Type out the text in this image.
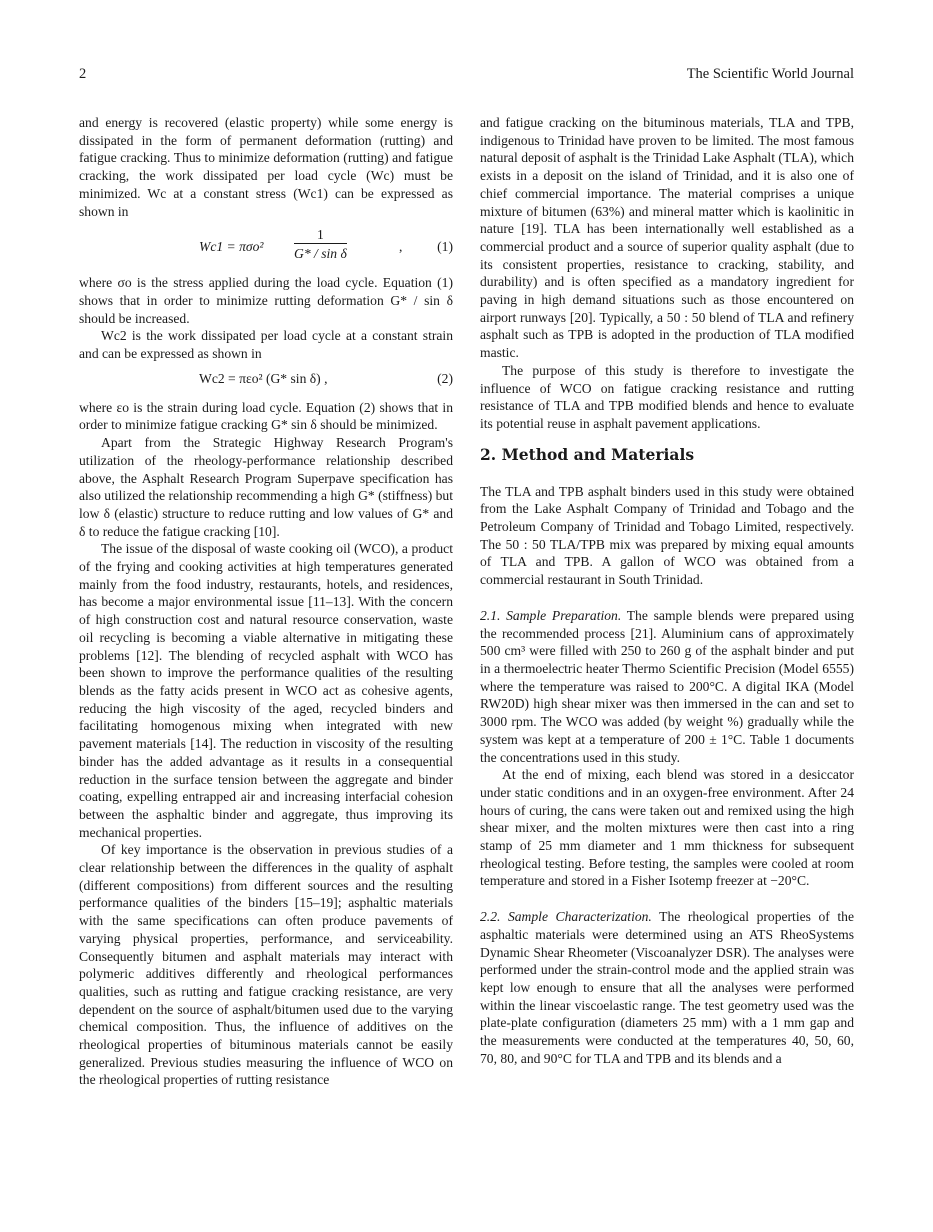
2	The Scientific World Journal

and energy is recovered (elastic property) while some energy is dissipated in the form of permanent deformation (rutting) and fatigue cracking. Thus to minimize deformation (rutting) and fatigue cracking, the work dissipated per load cycle (Wc) must be minimized. Wc at a constant stress (Wc1) can be expressed as shown in

$Wc1 = \pi\sigma o^2 \frac{1}{\text{G* / sin δ}}$	,	(1)

where σo is the stress applied during the load cycle. Equation (1) shows that in order to minimize rutting deformation G* / sin δ should be increased.

Wc2 is the work dissipated per load cycle at a constant strain and can be expressed as shown in

Wc2 = πεo² (G* sin δ) ,	(2)

where εo is the strain during load cycle. Equation (2) shows that in order to minimize fatigue cracking G* sin δ should be minimized.

Apart from the Strategic Highway Research Program's utilization of the rheology-performance relationship described above, the Asphalt Research Program Superpave specification has also utilized the relationship recommending a high G* (stiffness) but low δ (elastic) structure to reduce rutting and low values of G* and δ to reduce the fatigue cracking [10].

The issue of the disposal of waste cooking oil (WCO), a product of the frying and cooking activities at high temperatures generated mainly from the food industry, restaurants, hotels, and residences, has become a major environmental issue [11–13]. With the concern of high construction cost and natural resource conservation, waste oil recycling is becoming a viable alternative in mitigating these problems [12]. The blending of recycled asphalt with WCO has been shown to improve the performance qualities of the resulting blends as the fatty acids present in WCO act as cohesive agents, reducing the high viscosity of the aged, recycled binders and facilitating homogenous mixing when integrated with new pavement materials [14]. The reduction in viscosity of the resulting binder has the added advantage as it results in a consequential reduction in the surface tension between the aggregate and binder coating, expelling entrapped air and increasing interfacial cohesion between the asphaltic binder and aggregate, thus improving its mechanical properties.

Of key importance is the observation in previous studies of a clear relationship between the differences in the quality of asphalt (different compositions) from different sources and the resulting performance qualities of the binders [15–19]; asphaltic materials with the same specifications can often produce pavements of varying physical properties, performance, and serviceability. Consequently bitumen and asphalt materials may interact with polymeric additives differently and rheological performances qualities, such as rutting and fatigue cracking resistance, are very dependent on the source of asphalt/bitumen used due to the varying chemical composition. Thus, the influence of additives on the rheological properties of bituminous materials cannot be easily generalized. Previous studies measuring the influence of WCO on the rheological properties of rutting resistance

and fatigue cracking on the bituminous materials, TLA and TPB, indigenous to Trinidad have proven to be limited. The most famous natural deposit of asphalt is the Trinidad Lake Asphalt (TLA), which exists in a deposit on the island of Trinidad, and it is also one of chief commercial importance. The material comprises a unique mixture of bitumen (63%) and mineral matter which is kaolinitic in nature [19]. TLA has been internationally well established as a commercial product and a source of superior quality asphalt (due to its consistent properties, resistance to cracking, stability, and durability) and is often specified as a mandatory ingredient for paving in high demand situations such as those encountered on airport runways [20]. Typically, a 50 : 50 blend of TLA and refinery asphalt such as TPB is adopted in the production of TLA modified mastic.

The purpose of this study is therefore to investigate the influence of WCO on fatigue cracking resistance and rutting resistance of TLA and TPB modified blends and hence to evaluate its potential reuse in asphalt pavement applications.

2. Method and Materials

The TLA and TPB asphalt binders used in this study were obtained from the Lake Asphalt Company of Trinidad and Tobago and the Petroleum Company of Trinidad and Tobago Limited, respectively. The 50 : 50 TLA/TPB mix was prepared by mixing equal amounts of TLA and TPB. A gallon of WCO was obtained from a commercial restaurant in South Trinidad.

2.1. Sample Preparation. The sample blends were prepared using the recommended process [21]. Aluminium cans of approximately 500 cm³ were filled with 250 to 260 g of the asphalt binder and put in a thermoelectric heater Thermo Scientific Precision (Model 6555) where the temperature was raised to 200°C. A digital IKA (Model RW20D) high shear mixer was then immersed in the can and set to 3000 rpm. The WCO was added (by weight %) gradually while the system was kept at a temperature of 200 ± 1°C. Table 1 documents the concentrations used in this study.

At the end of mixing, each blend was stored in a desiccator under static conditions and in an oxygen-free environment. After 24 hours of curing, the cans were taken out and remixed using the high shear mixer, and the molten mixtures were then cast into a ring stamp of 25 mm diameter and 1 mm thickness for subsequent rheological testing. Before testing, the samples were cooled at room temperature and stored in a Fisher Isotemp freezer at −20°C.

2.2. Sample Characterization. The rheological properties of the asphaltic materials were determined using an ATS RheoSystems Dynamic Shear Rheometer (Viscoanalyzer DSR). The analyses were performed under the strain-control mode and the applied strain was kept low enough to ensure that all the analyses were performed within the linear viscoelastic range. The test geometry used was the plate-plate configuration (diameters 25 mm) with a 1 mm gap and the measurements were conducted at the temperatures 40, 50, 60, 70, 80, and 90°C for TLA and TPB and its blends and a
